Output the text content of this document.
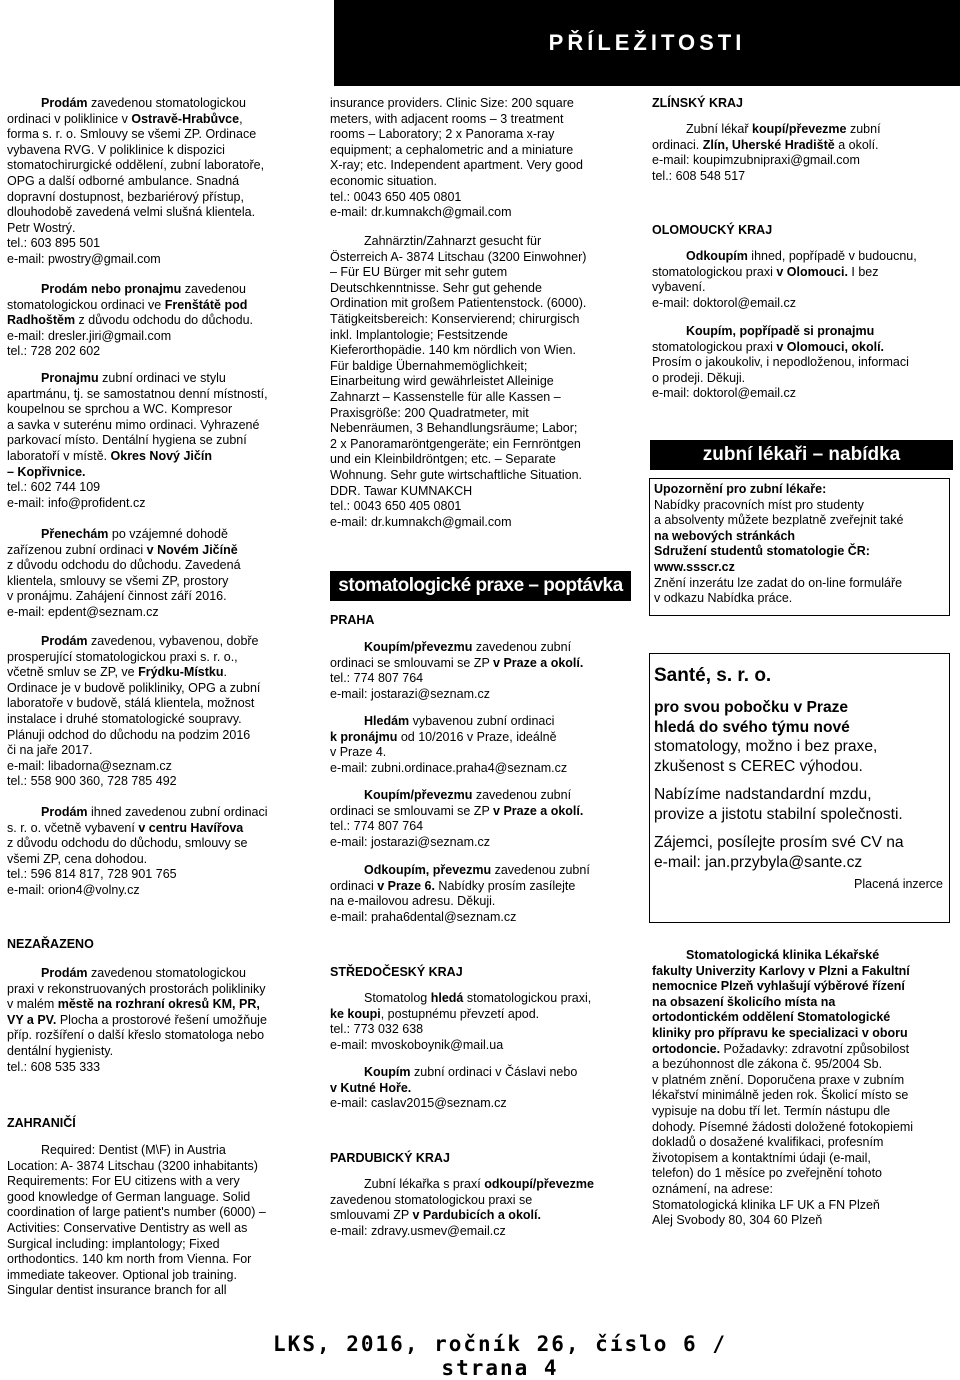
PŘÍLEŽITOSTI
Prodám zavedenou stomatologickou
ordinaci v poliklinice v Ostravě-Hrabůvce,
forma s. r. o. Smlouvy se všemi ZP. Ordinace
vybavena RVG. V poliklinice k dispozici
stomatochirurgické oddělení, zubní laboratoře,
OPG a další odborné ambulance. Snadná
dopravní dostupnost, bezbariérový přístup,
dlouhodobě zavedená velmi slušná klientela.
Petr Wostrý.
tel.: 603 895 501
e-mail: pwostry@gmail.com
Prodám nebo pronajmu zavedenou
stomatologickou ordinaci ve Frenštátě pod
Radhoštěm z důvodu odchodu do důchodu.
e-mail: dresler.jiri@gmail.com
tel.: 728 202 602
Pronajmu zubní ordinaci ve stylu
apartmánu, tj. se samostatnou denní místností,
koupelnou se sprchou a WC. Kompresor
a savka v suterénu mimo ordinaci. Vyhrazené
parkovací místo. Dentální hygiena se zubní
laboratoří v místě. Okres Nový Jičín
– Kopřivnice.
tel.: 602 744 109
e-mail: info@profident.cz
Přenechám po vzájemné dohodě
zařízenou zubní ordinaci v Novém Jičíně
z důvodu odchodu do důchodu. Zavedená
klientela, smlouvy se všemi ZP, prostory
v pronájmu. Zahájení činnost září 2016.
e-mail: epdent@seznam.cz
Prodám zavedenou, vybavenou, dobře
prosperující stomatologickou praxi s. r. o.,
včetně smluv se ZP, ve Frýdku-Místku.
Ordinace je v budově polikliniky, OPG a zubní
laboratoře v budově, stálá klientela, možnost
instalace i druhé stomatologické soupravy.
Plánuji odchod do důchodu na podzim 2016
či na jaře 2017.
e-mail: libadorna@seznam.cz
tel.: 558 900 360, 728 785 492
Prodám ihned zavedenou zubní ordinaci
s. r. o. včetně vybavení v centru Havířova
z důvodu odchodu do důchodu, smlouvy se
všemi ZP, cena dohodou.
tel.: 596 814 817, 728 901 765
e-mail: orion4@volny.cz
NEZAŘAZENO
Prodám zavedenou stomatologickou
praxi v rekonstruovaných prostorách polikliniky
v malém městě na rozhraní okresů KM, PR,
VY a PV. Plocha a prostorové řešení umožňuje
příp. rozšíření o další křeslo stomatologa nebo
dentální hygienisty.
tel.: 608 535 333
ZAHRANIČÍ
Required: Dentist (M\F) in Austria
Location: A- 3874 Litschau (3200 inhabitants)
Requirements: For EU citizens with a very
good knowledge of German language. Solid
coordination of large patient's number (6000) –
Activities: Conservative Dentistry as well as
Surgical including: implantology; Fixed
orthodontics. 140 km north from Vienna. For
immediate takeover. Optional job training.
Singular dentist insurance branch for all
insurance providers. Clinic Size: 200 square
meters, with adjacent rooms – 3 treatment
rooms – Laboratory; 2 x Panorama x-ray
equipment; a cephalometric and a miniature
X-ray; etc. Independent apartment. Very good
economic situation.
tel.: 0043 650 405 0801
e-mail: dr.kumnakch@gmail.com
Zahnärztin/Zahnarzt gesucht für
Österreich A- 3874 Litschau (3200 Einwohner)
– Für EU Bürger mit sehr gutem
Deutschkenntnisse. Sehr gut gehende
Ordination mit großem Patientenstock. (6000).
Tätigkeitsbereich: Konservierend; chirurgisch
inkl. Implantologie; Festsitzende
Kieferorthopädie. 140 km nördlich von Wien.
Für baldige Übernahmemöglichkeit;
Einarbeitung wird gewährleistet Alleinige
Zahnarzt – Kassenstelle für alle Kassen –
Praxisgröße: 200 Quadratmeter, mit
Nebenräumen, 3 Behandlungsräume; Labor;
2 x Panoramaröntgengeräte; ein Fernröntgen
und ein Kleinbildröntgen; etc. – Separate
Wohnung. Sehr gute wirtschaftliche Situation.
DDR. Tawar KUMNAKCH
tel.: 0043 650 405 0801
e-mail: dr.kumnakch@gmail.com
stomatologické praxe – poptávka
PRAHA
Koupím/převezmu zavedenou zubní
ordinaci se smlouvami se ZP v Praze a okolí.
tel.: 774 807 764
e-mail: jostarazi@seznam.cz
Hledám vybavenou zubní ordinaci
k pronájmu od 10/2016 v Praze, ideálně
v Praze 4.
e-mail: zubni.ordinace.praha4@seznam.cz
Koupím/převezmu zavedenou zubní
ordinaci se smlouvami se ZP v Praze a okolí.
tel.: 774 807 764
e-mail: jostarazi@seznam.cz
Odkoupím, převezmu zavedenou zubní
ordinaci v Praze 6. Nabídky prosím zasílejte
na e-mailovou adresu. Děkuji.
e-mail: praha6dental@seznam.cz
STŘEDOČESKÝ KRAJ
Stomatolog hledá stomatologickou praxi,
ke koupi, postupnému převzetí apod.
tel.: 773 032 638
e-mail: mvoskoboynik@mail.ua
Koupím zubní ordinaci v Čáslavi nebo
v Kutné Hoře.
e-mail: caslav2015@seznam.cz
PARDUBICKÝ KRAJ
Zubní lékařka s praxí odkoupí/převezme
zavedenou stomatologickou praxi se
smlouvami ZP v Pardubicích a okolí.
e-mail: zdravy.usmev@email.cz
ZLÍNSKÝ KRAJ
Zubní lékař koupí/převezme zubní
ordinaci. Zlín, Uherské Hradiště a okolí.
e-mail: koupimzubnipraxi@gmail.com
tel.: 608 548 517
OLOMOUCKÝ KRAJ
Odkoupím ihned, popřípadě v budoucnu,
stomatologickou praxi v Olomouci. I bez
vybavení.
e-mail: doktorol@email.cz
Koupím, popřípadě si pronajmu
stomatologickou praxi v Olomouci, okolí.
Prosím o jakoukoliv, i nepodloženou, informaci
o prodeji. Děkuji.
e-mail: doktorol@email.cz
zubní lékaři – nabídka
Upozornění pro zubní lékaře:
Nabídky pracovních míst pro studenty
a absolventy můžete bezplatně zveřejnit také
na webových stránkách
Sdružení studentů stomatologie ČR:
www.ssscr.cz
Znění inzerátu lze zadat do on-line formuláře
v odkazu Nabídka práce.
Santé, s. r. o.
pro svou pobočku v Praze
hledá do svého týmu nové
stomatology, možno i bez praxe,
zkušenost s CEREC výhodou.
Nabízíme nadstandardní mzdu,
provize a jistotu stabilní společnosti.
Zájemci, posílejte prosím své CV na
e-mail: jan.przybyla@sante.cz
Placená inzerce
Stomatologická klinika Lékařské
fakulty Univerzity Karlovy v Plzni a Fakultní
nemocnice Plzeň vyhlašují výběrové řízení
na obsazení školicího místa na
ortodontickém oddělení Stomatologické
kliniky pro přípravu ke specializaci v oboru
ortodoncie. Požadavky: zdravotní způsobilost
a bezúhonnost dle zákona č. 95/2004 Sb.
v platném znění. Doporučena praxe v zubním
lékařství minimálně jeden rok. Školicí místo se
vypisuje na dobu tří let. Termín nástupu dle
dohody. Písemné žádosti doložené fotokopiemi
dokladů o dosažené kvalifikaci, profesním
životopisem a kontaktními údaji (e-mail,
telefon) do 1 měsíce po zveřejnění tohoto
oznámení, na adrese:
Stomatologická klinika LF UK a FN Plzeň
Alej Svobody 80, 304 60 Plzeň
LKS, 2016, ročník 26, číslo 6 / strana 4
